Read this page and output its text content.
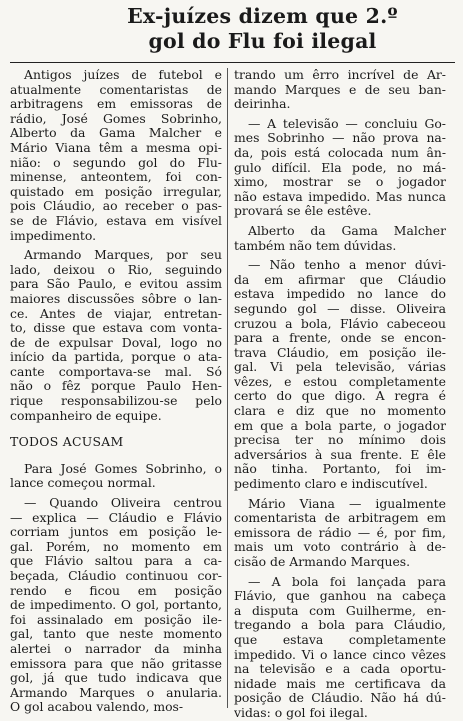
Ex-juízes dizem que 2.º
gol do Flu foi ilegal
Antigos juízes de futebol e
atualmente comentaristas de
arbitragens em emissoras de
rádio, José Gomes Sobrinho,
Alberto da Gama Malcher e
Mário Viana têm a mesma opi-
nião: o segundo gol do Flu-
minense, anteontem, foi con-
quistado em posição irregular,
pois Cláudio, ao receber o pas-
se de Flávio, estava em visível
impedimento.
Armando Marques, por seu
lado, deixou o Rio, seguindo
para São Paulo, e evitou assim
maiores discussões sôbre o lan-
ce. Antes de viajar, entretan-
to, disse que estava com vonta-
de de expulsar Doval, logo no
início da partida, porque o ata-
cante comportava-se mal. Só
não o fêz porque Paulo Hen-
rique responsabilizou-se pelo
companheiro de equipe.
TODOS ACUSAM
Para José Gomes Sobrinho, o
lance começou normal.
— Quando Oliveira centrou
— explica — Cláudio e Flávio
corriam juntos em posição le-
gal. Porém, no momento em
que Flávio saltou para a ca-
beçada, Cláudio continuou cor-
rendo e ficou em posição
de impedimento. O gol, portanto,
foi assinalado em posição ile-
gal, tanto que neste momento
alertei o narrador da minha
emissora para que não gritasse
gol, já que tudo indicava que
Armando Marques o anularia.
O gol acabou valendo, mos-
trando um êrro incrível de Ar-
mando Marques e de seu ban-
deirinha.
— A televisão — concluiu Go-
mes Sobrinho — não prova na-
da, pois está colocada num ân-
gulo difícil. Ela pode, no má-
ximo, mostrar se o jogador
não estava impedido. Mas nunca
provará se êle estêve.
Alberto da Gama Malcher
também não tem dúvidas.
— Não tenho a menor dúvi-
da em afirmar que Cláudio
estava impedido no lance do
segundo gol — disse. Oliveira
cruzou a bola, Flávio cabeceou
para a frente, onde se encon-
trava Cláudio, em posição ile-
gal. Vi pela televisão, várias
vêzes, e estou completamente
certo do que digo. A regra é
clara e diz que no momento
em que a bola parte, o jogador
precisa ter no mínimo dois
adversários à sua frente. E êle
não tinha. Portanto, foi im-
pedimento claro e indiscutível.
Mário Viana — igualmente
comentarista de arbitragem em
emissora de rádio — é, por fim,
mais um voto contrário à de-
cisão de Armando Marques.
— A bola foi lançada para
Flávio, que ganhou na cabeça
a disputa com Guilherme, en-
tregando a bola para Cláudio,
que estava completamente
impedido. Vi o lance cinco vêzes
na televisão e a cada oportu-
nidade mais me certificava da
posição de Cláudio. Não há dú-
vidas: o gol foi ilegal.
